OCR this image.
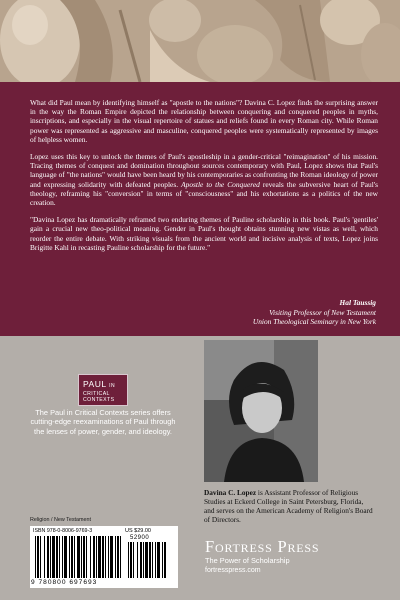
What did Paul mean by identifying himself as "apostle to the nations"? Davina C. Lopez finds the surprising answer in the way the Roman Empire depicted the relationship between conquering and conquered peoples in myths, inscriptions, and especially in the visual repertoire of statues and reliefs found in every Roman city. While Roman power was represented as aggressive and masculine, conquered peoples were systematically represented by images of helpless women.

Lopez uses this key to unlock the themes of Paul's apostleship in a gender-critical "reimagination" of his mission. Tracing themes of conquest and domination throughout sources contemporary with Paul, Lopez shows that Paul's language of "the nations" would have been heard by his contemporaries as confronting the Roman ideology of power and expressing solidarity with defeated peoples. Apostle to the Conquered reveals the subversive heart of Paul's theology, reframing his "conversion" in terms of "consciousness" and his exhortations as a politics of the new creation.

"Davina Lopez has dramatically reframed two enduring themes of Pauline scholarship in this book. Paul's 'gentiles' gain a crucial new theo-political meaning. Gender in Paul's thought obtains stunning new vistas as well, which reorder the entire debate. With striking visuals from the ancient world and incisive analysis of texts, Lopez joins Brigitte Kahl in recasting Pauline scholarship for the future."

Hal Taussig
Visiting Professor of New Testament
Union Theological Seminary in New York
PAUL IN
CRITICAL
CONTEXTS
The Paul in Critical Contexts series offers cutting-edge reexaminations of Paul through the lenses of power, gender, and ideology.
Davina C. Lopez is Assistant Professor of Religious Studies at Eckerd College in Saint Petersburg, Florida, and serves on the American Academy of Religion's Board of Directors.
Religion / New Testament
ISBN 978-0-8006-9769-3	US $29.00
52900
9 780800 697693
Fortress Press
The Power of Scholarship
fortresspress.com
